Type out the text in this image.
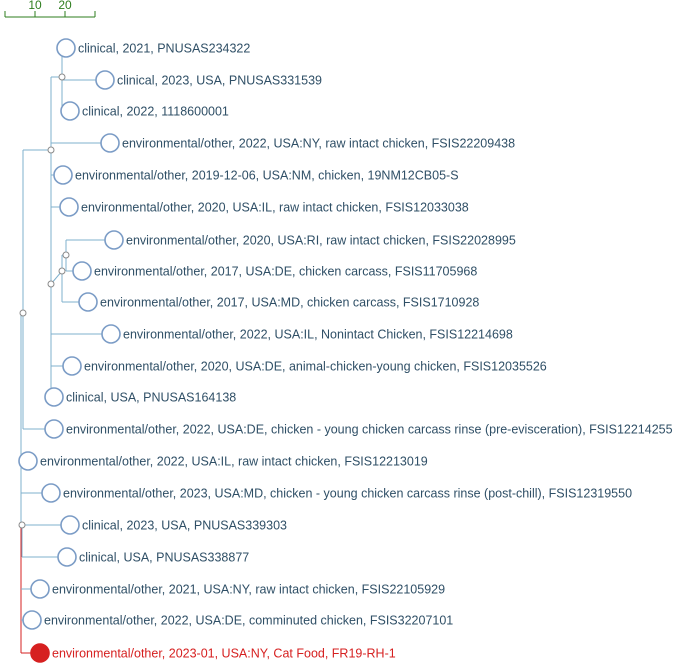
10 20
clinical, 2021, PNUSAS234322
clinical, 2023, USA, PNUSAS331539
clinical, 2022, 1118600001
environmental/other, 2022, USA:NY, raw intact chicken, FSIS22209438
environmental/other, 2019-12-06, USA:NM, chicken, 19NM12CB05-S
environmental/other, 2020, USA:IL, raw intact chicken, FSIS12033038
environmental/other, 2020, USA:RI, raw intact chicken, FSIS22028995
environmental/other, 2017, USA:DE, chicken carcass, FSIS11705968
environmental/other, 2017, USA:MD, chicken carcass, FSIS1710928
environmental/other, 2022, USA:IL, Nonintact Chicken, FSIS12214698
environmental/other, 2020, USA:DE, animal-chicken-young chicken, FSIS12035526
clinical, USA, PNUSAS164138
environmental/other, 2022, USA:DE, chicken - young chicken carcass rinse (pre-evisceration), FSIS12214255
environmental/other, 2022, USA:IL, raw intact chicken, FSIS12213019
environmental/other, 2023, USA:MD, chicken - young chicken carcass rinse (post-chill), FSIS12319550
clinical, 2023, USA, PNUSAS339303
clinical, USA, PNUSAS338877
environmental/other, 2021, USA:NY, raw intact chicken, FSIS22105929
environmental/other, 2022, USA:DE, comminuted chicken, FSIS32207101
environmental/other, 2023-01, USA:NY, Cat Food, FR19-RH-1
